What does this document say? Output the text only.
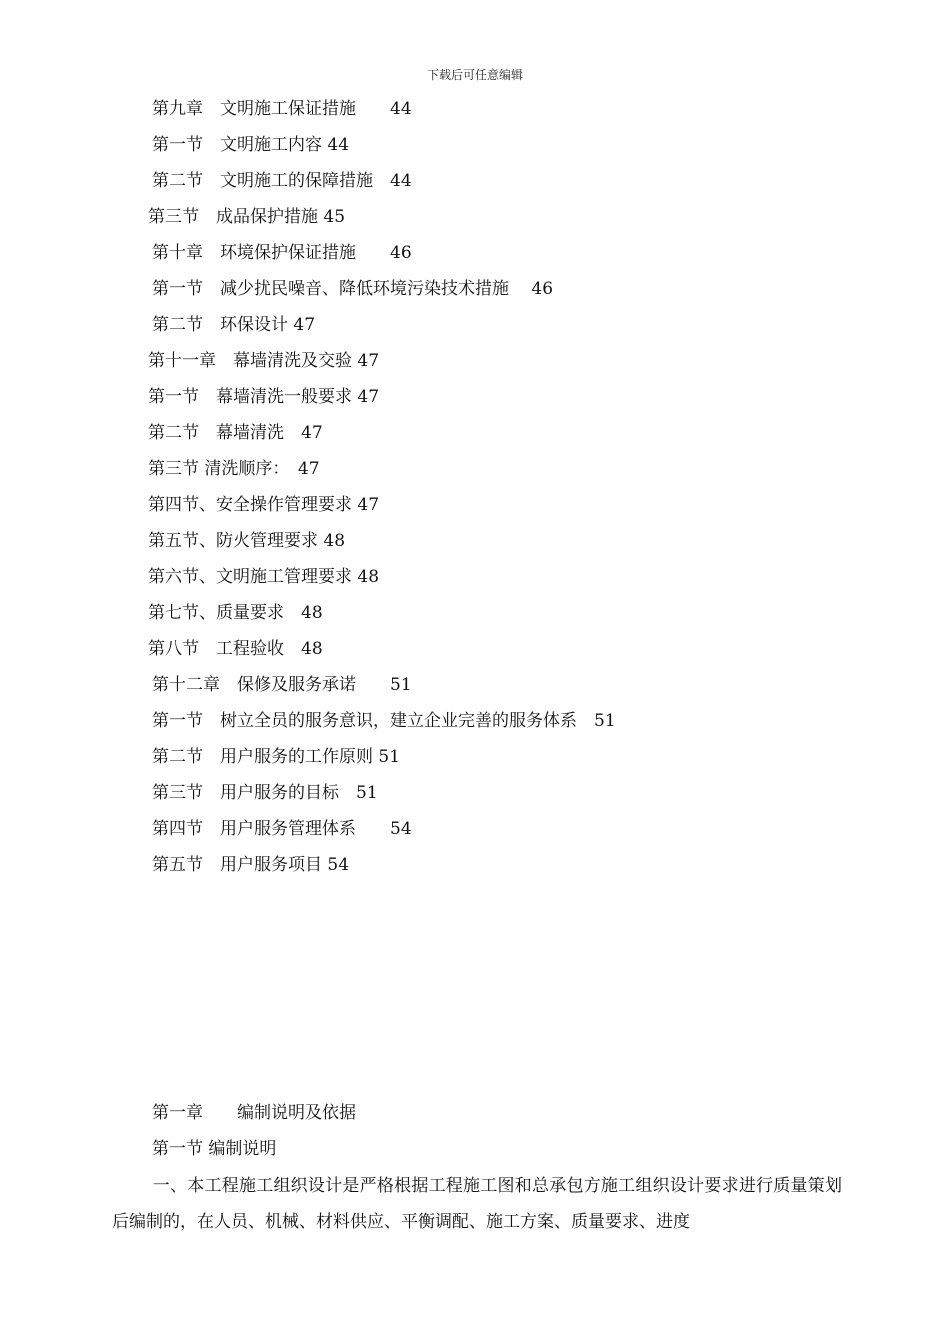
下载后可任意编辑
第九章　文明施工保证措施　　44
第一节　文明施工内容 44
第二节　文明施工的保障措施　44
第三节　成品保护措施 45
第十章　环境保护保证措施　　46
第一节　减少扰民噪音、降低环境污染技术措施　 46
第二节　环保设计 47
第十一章　幕墙清洗及交验 47
第一节　幕墙清洗一般要求 47
第二节　幕墙清洗　47
第三节 清洗顺序：　47
第四节、安全操作管理要求 47
第五节、防火管理要求 48
第六节、文明施工管理要求 48
第七节、质量要求　48
第八节　工程验收　48
第十二章　保修及服务承诺　　51
第一节　树立全员的服务意识，建立企业完善的服务体系　51
第二节　用户服务的工作原则 51
第三节　用户服务的目标　51
第四节　用户服务管理体系　　54
第五节　用户服务项目 54
第一章　　编制说明及依据
第一节 编制说明
一、本工程施工组织设计是严格根据工程施工图和总承包方施工组织设计要求进行质量策划后编制的，在人员、机械、材料供应、平衡调配、施工方案、质量要求、进度
